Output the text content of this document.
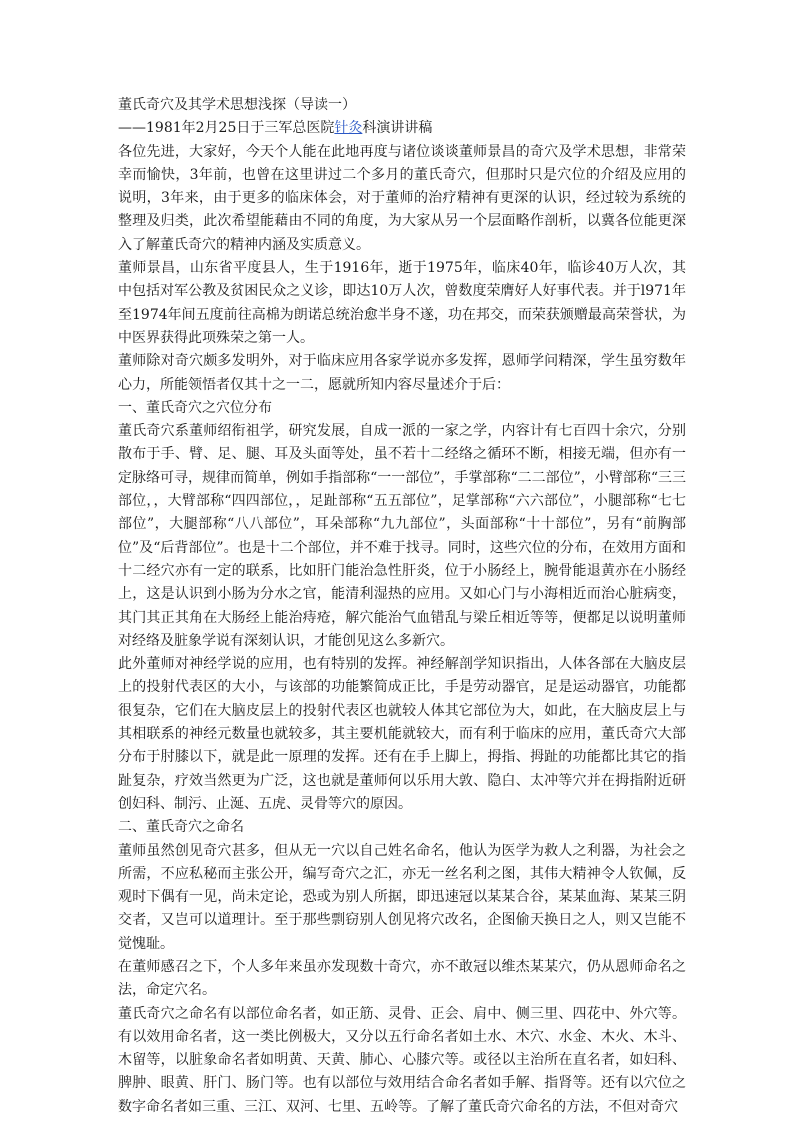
董氏奇穴及其学术思想浅探（导读一）

——1981年2月25日于三军总医院针灸科演讲讲稿

各位先进，大家好，今天个人能在此地再度与诸位谈谈董师景昌的奇穴及学术思想，非常荣幸而愉快，3年前，也曾在这里讲过二个多月的董氏奇穴，但那时只是穴位的介绍及应用的说明，3年来，由于更多的临床体会，对于董师的治疗精神有更深的认识，经过较为系统的整理及归类，此次希望能藉由不同的角度，为大家从另一个层面略作剖析，以冀各位能更深入了解董氏奇穴的精神内涵及实质意义。

董师景昌，山东省平度县人，生于1916年，逝于1975年，临床40年，临诊40万人次，其中包括对军公教及贫困民众之义诊，即达10万人次，曾数度荣膺好人好事代表。并于l971年至1974年间五度前往高棉为朗诺总统治愈半身不遂，功在邦交，而荣获颁赠最高荣誉状，为中医界获得此项殊荣之第一人。

董师除对奇穴颇多发明外，对于临床应用各家学说亦多发挥，恩师学问精深，学生虽穷数年心力，所能领悟者仅其十之一二，愿就所知内容尽量述介于后：

一、董氏奇穴之穴位分布

董氏奇穴系董师绍衔祖学，研究发展，自成一派的一家之学，内容计有七百四十余穴，分别散布于手、臂、足、腿、耳及头面等处，虽不若十二经络之循环不断，相接无端，但亦有一定脉络可寻，规律而简单，例如手指部称“一一部位”，手掌部称“二二部位”，小臂部称“三三部位，，大臂部称“四四部位，，足趾部称“五五部位”，足掌部称“六六部位”，小腿部称“七七部位”，大腿部称“八八部位”，耳朵部称“九九部位”，头面部称“十十部位”，另有“前胸部位”及“后背部位”。也是十二个部位，并不难于找寻。同时，这些穴位的分布，在效用方面和十二经穴亦有一定的联系，比如肝门能治急性肝炎，位于小肠经上，腕骨能退黄亦在小肠经上，这是认识到小肠为分水之官，能清利湿热的应用。又如心门与小海相近而治心脏病变，其门其正其角在大肠经上能治痔疮，解穴能治气血错乱与梁丘相近等等，便都足以说明董师对经络及脏象学说有深刻认识，才能创见这么多新穴。

此外董师对神经学说的应用，也有特别的发挥。神经解剖学知识指出，人体各部在大脑皮层上的投射代表区的大小，与该部的功能繁简成正比，手是劳动器官，足是运动器官，功能都很复杂，它们在大脑皮层上的投射代表区也就较人体其它部位为大，如此，在大脑皮层上与其相联系的神经元数量也就较多，其主要机能就较大，而有利于临床的应用，董氏奇穴大部分布于肘膝以下，就是此一原理的发挥。还有在手上脚上，拇指、拇趾的功能都比其它的指趾复杂，疗效当然更为广泛，这也就是董师何以乐用大敦、隐白、太冲等穴并在拇指附近研创妇科、制污、止涎、五虎、灵骨等穴的原因。

二、董氏奇穴之命名

董师虽然创见奇穴甚多，但从无一穴以自己姓名命名，他认为医学为救人之利器，为社会之所需，不应私秘而主张公开，编写奇穴之汇，亦无一丝名利之图，其伟大精神令人钦佩，反观时下偶有一见，尚未定论，恐或为别人所据，即迅速冠以某某合谷，某某血海、某某三阴交者，又岂可以道理计。至于那些剽窃别人创见将穴改名，企图偷天换日之人，则又岂能不觉愧耻。

在董师感召之下，个人多年来虽亦发现数十奇穴，亦不敢冠以维杰某某穴，仍从恩师命名之法，命定穴名。

董氏奇穴之命名有以部位命名者，如正筋、灵骨、正会、肩中、侧三里、四花中、外穴等。有以效用命名者，这一类比例极大，又分以五行命名者如土水、木穴、水金、木火、木斗、木留等，以脏象命名者如明黄、天黄、肺心、心膝穴等。或径以主治所在直名者，如妇科、脾肿、眼黄、肝门、肠门等。也有以部位与效用结合命名者如手解、指肾等。还有以穴位之数字命名者如三重、三江、双河、七里、五岭等。了解了董氏奇穴命名的方法，不但对奇穴
